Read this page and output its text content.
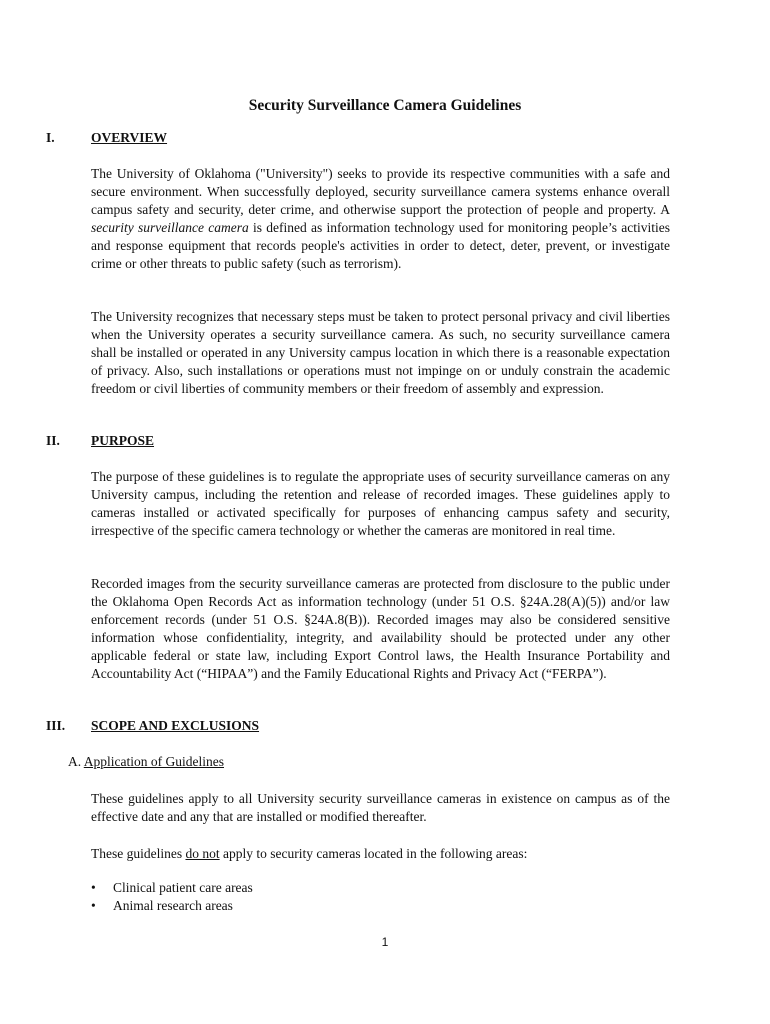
Security Surveillance Camera Guidelines
I.	OVERVIEW

The University of Oklahoma ("University") seeks to provide its respective communities with a safe and secure environment. When successfully deployed, security surveillance camera systems enhance overall campus safety and security, deter crime, and otherwise support the protection of people and property. A security surveillance camera is defined as information technology used for monitoring people’s activities and response equipment that records people's activities in order to detect, deter, prevent, or investigate crime or other threats to public safety (such as terrorism).

The University recognizes that necessary steps must be taken to protect personal privacy and civil liberties when the University operates a security surveillance camera. As such, no security surveillance camera shall be installed or operated in any University campus location in which there is a reasonable expectation of privacy. Also, such installations or operations must not impinge on or unduly constrain the academic freedom or civil liberties of community members or their freedom of assembly and expression.

II. PURPOSE

The purpose of these guidelines is to regulate the appropriate uses of security surveillance cameras on any University campus, including the retention and release of recorded images. These guidelines apply to cameras installed or activated specifically for purposes of enhancing campus safety and security, irrespective of the specific camera technology or whether the cameras are monitored in real time.

Recorded images from the security surveillance cameras are protected from disclosure to the public under the Oklahoma Open Records Act as information technology (under 51 O.S. §24A.28(A)(5)) and/or law enforcement records (under 51 O.S. §24A.8(B)). Recorded images may also be considered sensitive information whose confidentiality, integrity, and availability should be protected under any other applicable federal or state law, including Export Control laws, the Health Insurance Portability and Accountability Act (“HIPAA”) and the Family Educational Rights and Privacy Act (“FERPA”).

III. SCOPE AND EXCLUSIONS
A. Application of Guidelines

These guidelines apply to all University security surveillance cameras in existence on campus as of the effective date and any that are installed or modified thereafter.

These guidelines do not apply to security cameras located in the following areas:

• Clinical patient care areas
• Animal research areas
1
